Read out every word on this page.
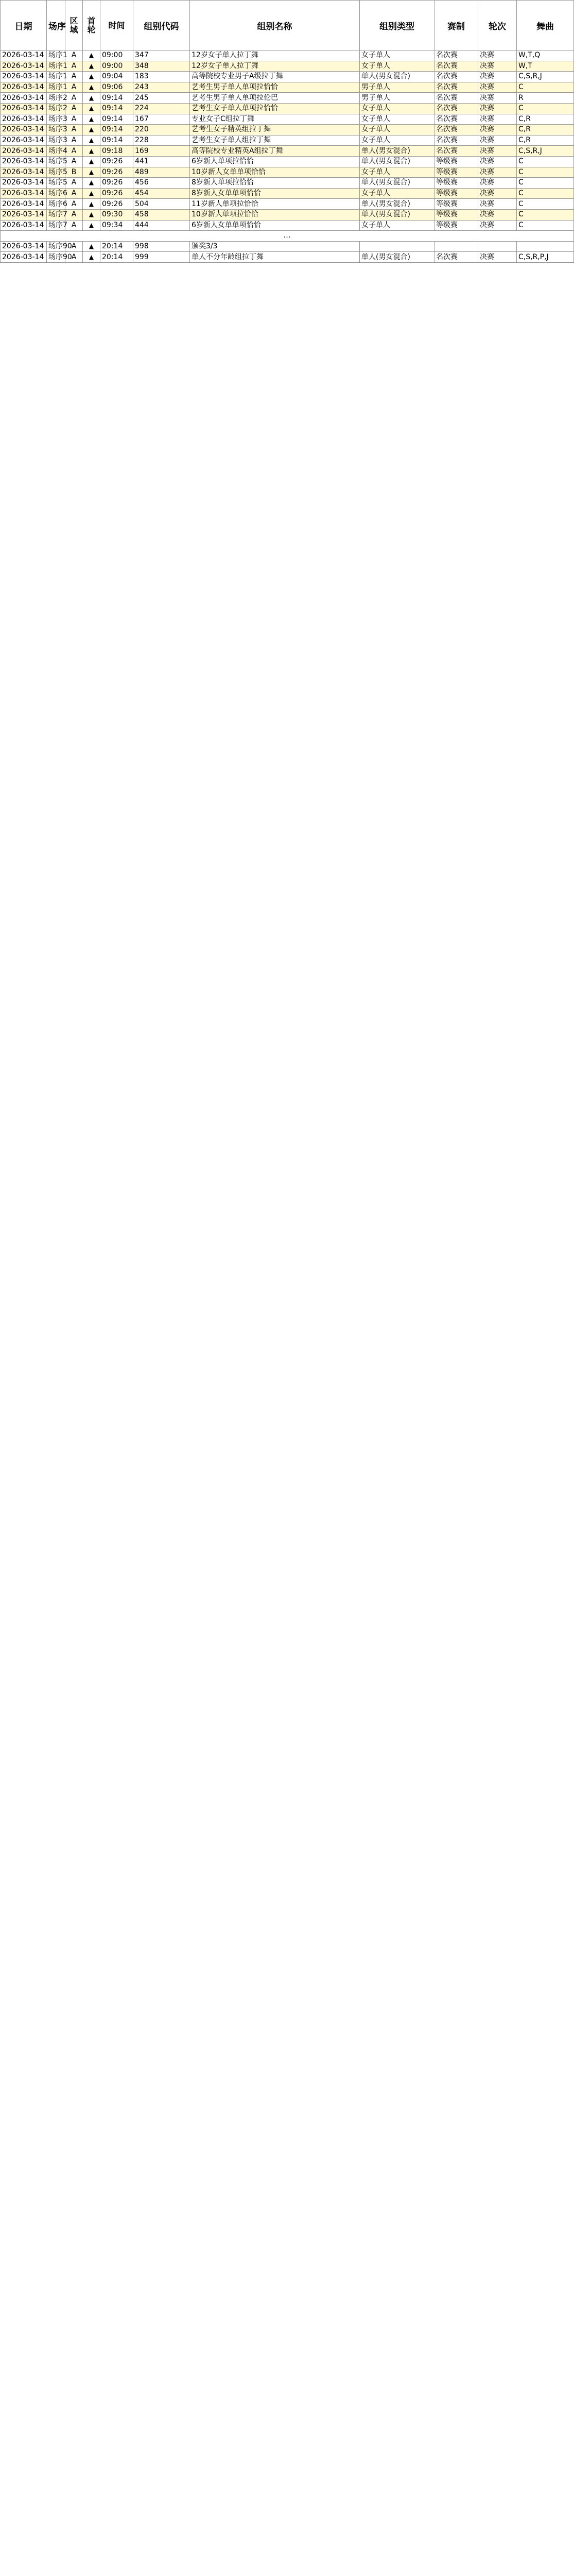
日期	场序	区域	首轮	时间	组别代码	组别名称	组别类型	赛制	轮次	舞曲
2026-03-14	场序1	A	▲	09:00	347	12岁女子单人拉丁舞	女子单人	名次赛	决赛	W,T,Q
2026-03-14	场序1	A	▲	09:00	348	12岁女子单人拉丁舞	女子单人	名次赛	决赛	W,T
2026-03-14	场序1	A	▲	09:04	183	高等院校专业男子A级拉丁舞	单人(男女混合)	名次赛	决赛	C,S,R,J
2026-03-14	场序1	A	▲	09:06	243	艺考生男子单人单项拉恰恰	男子单人	名次赛	决赛	C
2026-03-14	场序2	A	▲	09:14	245	艺考生男子单人单项拉伦巴	男子单人	名次赛	决赛	R
2026-03-14	场序2	A	▲	09:14	224	艺考生女子单人单项拉恰恰	女子单人	名次赛	决赛	C
2026-03-14	场序3	A	▲	09:14	167	专业女子C组拉丁舞	女子单人	名次赛	决赛	C,R
2026-03-14	场序3	A	▲	09:14	220	艺考生女子精英组拉丁舞	女子单人	名次赛	决赛	C,R
2026-03-14	场序3	A	▲	09:14	228	艺考生女子单人组拉丁舞	女子单人	名次赛	决赛	C,R
2026-03-14	场序4	A	▲	09:18	169	高等院校专业精英A组拉丁舞	单人(男女混合)	名次赛	决赛	C,S,R,J
2026-03-14	场序5	A	▲	09:26	441	6岁新人单项拉恰恰	单人(男女混合)	等级赛	决赛	C
2026-03-14	场序5	B	▲	09:26	489	10岁新人女单单项恰恰	女子单人	等级赛	决赛	C
2026-03-14	场序5	A	▲	09:26	456	8岁新人单项拉恰恰	单人(男女混合)	等级赛	决赛	C
2026-03-14	场序6	A	▲	09:26	454	8岁新人女单单项恰恰	女子单人	等级赛	决赛	C
2026-03-14	场序6	A	▲	09:26	504	11岁新人单项拉恰恰	单人(男女混合)	等级赛	决赛	C
2026-03-14	场序7	A	▲	09:30	458	10岁新人单项拉恰恰	单人(男女混合)	等级赛	决赛	C
2026-03-14	场序7	A	▲	09:34	444	6岁新人女单单项恰恰	女子单人	等级赛	决赛	C
…										
2026-03-14	场序90	A	▲	20:14	998	颁奖3/3				
2026-03-14	场序90	A	▲	20:14	999	单人不分年龄组拉丁舞	单人(男女混合)	名次赛	决赛	C,S,R,P,J
